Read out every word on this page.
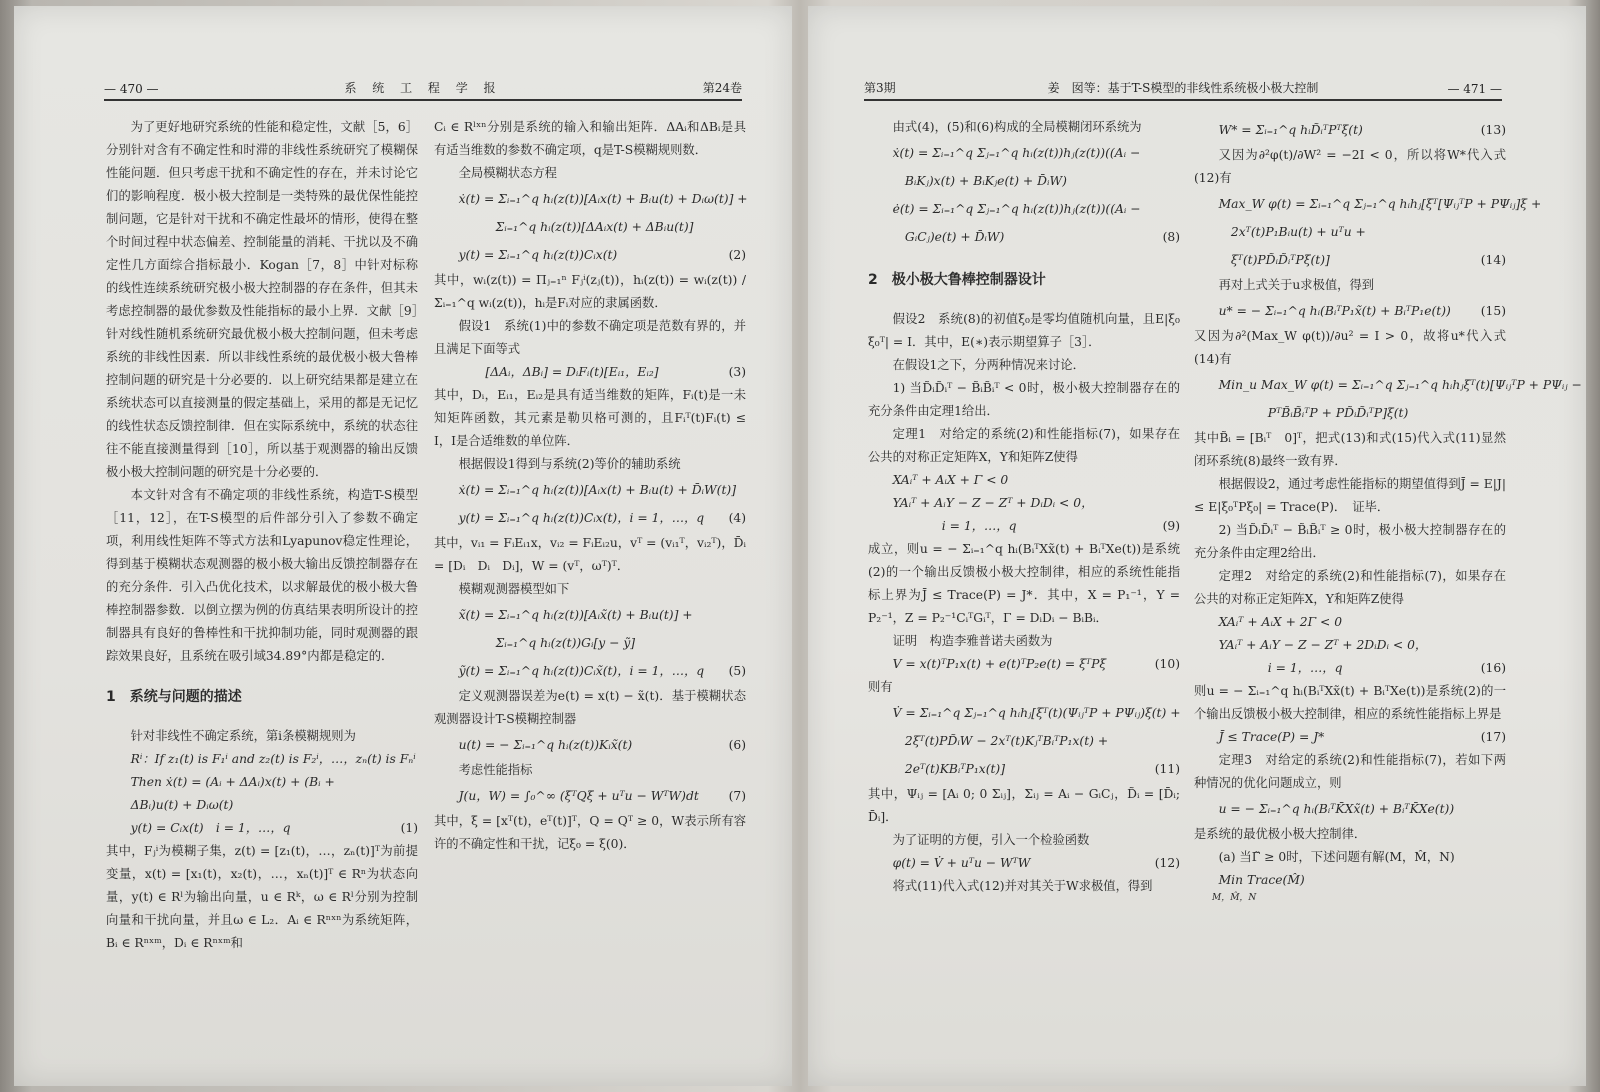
— 470 —	系 统 工 程 学 报	第24卷

为了更好地研究系统的性能和稳定性，文献［5，6］分别针对含有不确定性和时滞的非线性系统研究了模糊保性能问题．但只考虑干扰和不确定性的存在，并未讨论它们的影响程度．极小极大控制是一类特殊的最优保性能控制问题，它是针对干扰和不确定性最坏的情形，使得在整个时间过程中状态偏差、控制能量的消耗、干扰以及不确定性几方面综合指标最小．Kogan［7，8］中针对标称的线性连续系统研究极小极大控制器的存在条件，但其未考虑控制器的最优参数及性能指标的最小上界．文献［9］针对线性随机系统研究最优极小极大控制问题，但未考虑系统的非线性因素．所以非线性系统的最优极小极大鲁棒控制问题的研究是十分必要的．以上研究结果都是建立在系统状态可以直接测量的假定基础上，采用的都是无记忆的线性状态反馈控制律．但在实际系统中，系统的状态往往不能直接测量得到［10］，所以基于观测器的输出反馈极小极大控制问题的研究是十分必要的．

本文针对含有不确定项的非线性系统，构造T-S模型［11，12］，在T-S模型的后件部分引入了参数不确定项，利用线性矩阵不等式方法和Lyapunov稳定性理论，得到基于模糊状态观测器的极小极大输出反馈控制器存在的充分条件．引入凸优化技术，以求解最优的极小极大鲁棒控制器参数．以倒立摆为例的仿真结果表明所设计的控制器具有良好的鲁棒性和干扰抑制功能，同时观测器的跟踪效果良好，且系统在吸引域34.89°内都是稳定的．

1　系统与问题的描述

针对非线性不确定系统，第i条模糊规则为

Rⁱ：If z₁(t) is F₁ⁱ and z₂(t) is F₂ⁱ，…，zₙ(t) is Fₙⁱ
Then ẋ(t) = (Aᵢ + ΔAᵢ)x(t) + (Bᵢ + ΔBᵢ)u(t) + Dᵢω(t)
y(t) = Cᵢx(t)　i = 1，…，q	(1)

其中，Fⱼⁱ为模糊子集，z(t) = [z₁(t)，…，zₙ(t)]ᵀ为前提变量，x(t) = [x₁(t)，x₂(t)，…，xₙ(t)]ᵀ ∈ Rⁿ为状态向量，y(t) ∈ Rˡ为输出向量，u ∈ Rᵏ，ω ∈ Rˡ分别为控制向量和干扰向量，并且ω ∈ L₂．Aᵢ ∈ Rⁿˣⁿ为系统矩阵，Bᵢ ∈ Rⁿˣᵐ，Dᵢ ∈ Rⁿˣᵐ和

Cᵢ ∈ Rˡˣⁿ分别是系统的输入和输出矩阵．ΔAᵢ和ΔBᵢ是具有适当维数的参数不确定项，q是T-S模糊规则数．

全局模糊状态方程

ẋ(t) = Σᵢ₌₁^q hᵢ(z(t))[Aᵢx(t) + Bᵢu(t) + Dᵢω(t)] +
Σᵢ₌₁^q hᵢ(z(t))[ΔAᵢx(t) + ΔBᵢu(t)]
y(t) = Σᵢ₌₁^q hᵢ(z(t))Cᵢx(t)	(2)

其中，wᵢ(z(t)) = Πⱼ₌₁ⁿ Fⱼⁱ(zⱼ(t))，hᵢ(z(t)) = wᵢ(z(t)) / Σᵢ₌₁^q wᵢ(z(t))，hᵢ是Fᵢ对应的隶属函数．

假设1　系统(1)中的参数不确定项是范数有界的，并且满足下面等式

[ΔAᵢ，ΔBᵢ] = DᵢFᵢ(t)[Eᵢ₁，Eᵢ₂]	(3)

其中，Dᵢ，Eᵢ₁，Eᵢ₂是具有适当维数的矩阵，Fᵢ(t)是一未知矩阵函数，其元素是勒贝格可测的，且Fᵢᵀ(t)Fᵢ(t) ≤ I，I是合适维数的单位阵．

根据假设1得到与系统(2)等价的辅助系统

ẋ(t) = Σᵢ₌₁^q hᵢ(z(t))[Aᵢx(t) + Bᵢu(t) + D̄ᵢW(t)]
y(t) = Σᵢ₌₁^q hᵢ(z(t))Cᵢx(t)，i = 1，…，q (4)

其中，vᵢ₁ = FᵢEᵢ₁x，vᵢ₂ = FᵢEᵢ₂u，vᵀ = (vᵢ₁ᵀ，vᵢ₂ᵀ)，D̄ᵢ = [Dᵢ　Dᵢ　Dᵢ]，W = (vᵀ，ωᵀ)ᵀ．

模糊观测器模型如下

x̃(t) = Σᵢ₌₁^q hᵢ(z(t))[Aᵢx̃(t) + Bᵢu(t)] +
Σᵢ₌₁^q hᵢ(z(t))Gᵢ[y − ỹ]
ỹ(t) = Σᵢ₌₁^q hᵢ(z(t))Cᵢx̃(t)，i = 1，…，q (5)

定义观测器误差为e(t) = x(t) − x̃(t)．基于模糊状态观测器设计T-S模糊控制器

u(t) = − Σᵢ₌₁^q hᵢ(z(t))Kᵢx̃(t)	(6)

考虑性能指标

J(u，W) = ∫₀^∞ (ξᵀQξ + uᵀu − WᵀW)dt (7)

其中，ξ = [xᵀ(t)，eᵀ(t)]ᵀ，Q = Qᵀ ≥ 0，W表示所有容许的不确定性和干扰，记ξ₀ = ξ(0)．

第3期	姜　囡等：基于T-S模型的非线性系统极小极大控制	— 471 —

由式(4)，(5)和(6)构成的全局模糊闭环系统为

ẋ(t) = Σᵢ₌₁^q Σⱼ₌₁^q hᵢ(z(t))hⱼ(z(t))((Aᵢ −
BᵢKⱼ)x(t) + BᵢKⱼe(t) + D̄ᵢW)
ė(t) = Σᵢ₌₁^q Σⱼ₌₁^q hᵢ(z(t))hⱼ(z(t))((Aᵢ −
GᵢCⱼ)e(t) + D̄ᵢW)	(8)
2　极小极大鲁棒控制器设计

假设2　系统(8)的初值ξ₀是零均值随机向量，且E|ξ₀　ξ₀ᵀ| = I．其中，E(∗)表示期望算子［3］．

在假设1之下，分两种情况来讨论．

1) 当D̃ᵢD̃ᵢᵀ − B̃ᵢB̃ᵢᵀ < 0时，极小极大控制器存在的充分条件由定理1给出．

定理1　对给定的系统(2)和性能指标(7)，如果存在公共的对称正定矩阵X，Y和矩阵Z使得

XAᵢᵀ + AᵢX + Γ < 0
YAᵢᵀ + AᵢY − Z − Zᵀ + DᵢDᵢ < 0，
i = 1，…，q	(9)

成立，则u = − Σᵢ₌₁^q hᵢ(BᵢᵀXx̃(t) + BᵢᵀXe(t))是系统(2)的一个输出反馈极小极大控制律，相应的系统性能指标上界为J̄ ≤ Trace(P) = J*．其中，X = P₁⁻¹，Y = P₂⁻¹，Z = P₂⁻¹CᵢᵀGᵢᵀ，Γ = DᵢDᵢ − BᵢBᵢ．

证明　构造李雅普诺夫函数为

V = x(t)ᵀP₁x(t) + e(t)ᵀP₂e(t) = ξᵀPξ	(10)

则有

V̇ = Σᵢ₌₁^q Σⱼ₌₁^q hᵢhⱼ[ξᵀ(t)(ΨᵢⱼᵀP + PΨᵢⱼ)ξ(t) +
2ξᵀ(t)PD̃ᵢW − 2xᵀ(t)KⱼᵀBᵢᵀP₁x(t) +
2eᵀ(t)KBᵢᵀP₁x(t)]	(11)

其中，Ψᵢⱼ = [Aᵢ 0; 0 Σᵢⱼ]，Σᵢⱼ = Aᵢ − GᵢCⱼ，D̃ᵢ = [D̄ᵢ; D̄ᵢ]．

为了证明的方便，引入一个检验函数

φ(t) = V̇ + uᵀu − WᵀW	(12)

将式(11)代入式(12)并对其关于W求极值，得到

W* = Σᵢ₌₁^q hᵢD̃ᵢᵀPᵀξ(t)	(13)

又因为∂²φ(t)/∂W² = −2I < 0，所以将W*代入式(12)有

Max_W φ(t) = Σᵢ₌₁^q Σⱼ₌₁^q hᵢhⱼ[ξᵀ[ΨᵢⱼᵀP + PΨᵢⱼ]ξ +
2xᵀ(t)P₁Bᵢu(t) + uᵀu +
ξᵀ(t)PD̃ᵢD̃ᵢᵀPξ(t)]	(14)

再对上式关于u求极值，得到

u* = − Σᵢ₌₁^q hᵢ(BᵢᵀP₁x̃(t) + BᵢᵀP₁e(t)) (15)

又因为∂²(Max_W φ(t))/∂u² = I > 0，故将u*代入式(14)有

Min_u Max_W φ(t) = Σᵢ₌₁^q Σⱼ₌₁^q hᵢhⱼξᵀ(t)[ΨᵢⱼᵀP + PΨᵢⱼ −
PᵀB̃ᵢB̃ᵢᵀP + PD̃ᵢD̃ᵢᵀP]ξ(t)

其中B̃ᵢ = [Bᵢᵀ　0]ᵀ，把式(13)和式(15)代入式(11)显然闭环系统(8)最终一致有界．

根据假设2，通过考虑性能指标的期望值得到J̄ = E|J| ≤ E|ξ₀ᵀPξ₀| = Trace(P)．　证毕．

2) 当D̃ᵢD̃ᵢᵀ − B̃ᵢB̃ᵢᵀ ≥ 0时，极小极大控制器存在的充分条件由定理2给出．

定理2　对给定的系统(2)和性能指标(7)，如果存在公共的对称正定矩阵X，Y和矩阵Z使得

XAᵢᵀ + AᵢX + 2Γ < 0
YAᵢᵀ + AᵢY − Z − Zᵀ + 2DᵢDᵢ < 0，
i = 1，…，q	(16)

则u = − Σᵢ₌₁^q hᵢ(BᵢᵀXx̃(t) + BᵢᵀXe(t))是系统(2)的一个输出反馈极小极大控制律，相应的系统性能指标上界是

J̄ ≤ Trace(P) = J*	(17)

定理3　对给定的系统(2)和性能指标(7)，若如下两种情况的优化问题成立，则

u = − Σᵢ₌₁^q hᵢ(BᵢᵀK̄Xx̃(t) + BᵢᵀK̄Xe(t))

是系统的最优极小极大控制律．

(a) 当Γ̃ ≥ 0时，下述问题有解(M，M̂，N)

Min Trace(M̂)
M，M̂，N
